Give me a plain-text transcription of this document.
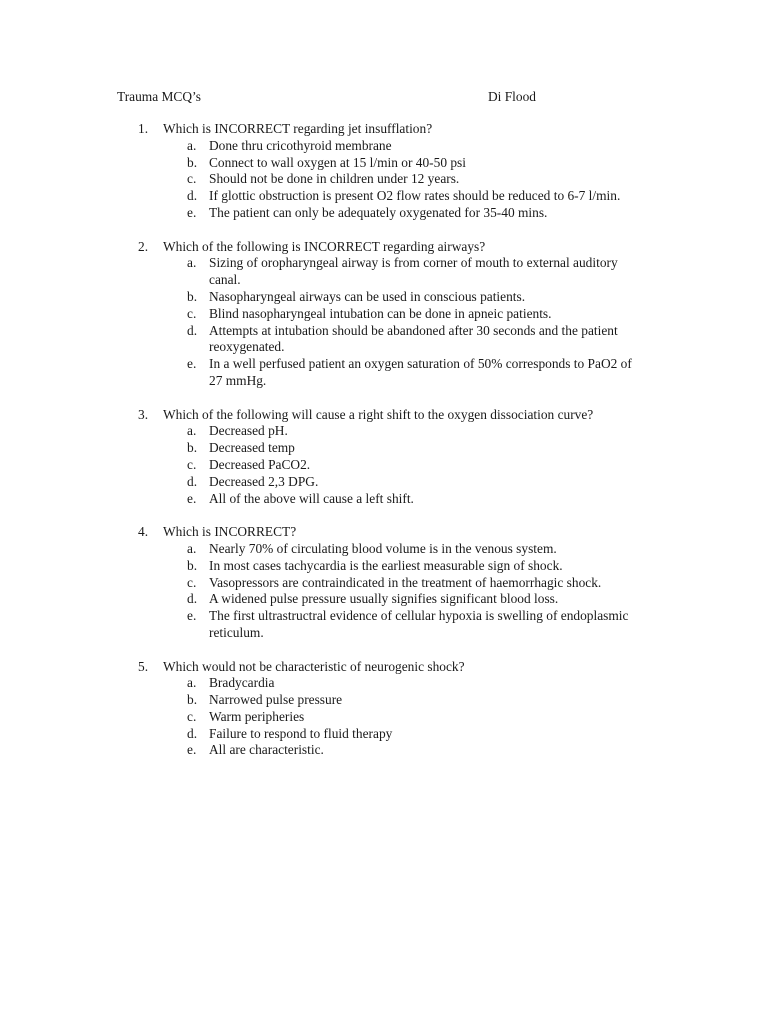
Trauma MCQ’s	Di Flood
1.	Which is INCORRECT regarding jet insufflation?
a. Done thru cricothyroid membrane
b. Connect to wall oxygen at 15 l/min or 40-50 psi
c. Should not be done in children under 12 years.
d. If glottic obstruction is present O2 flow rates should be reduced to 6-7 l/min.
e. The patient can only be adequately oxygenated for 35-40 mins.
2.	Which of the following is INCORRECT regarding airways?
a. Sizing of oropharyngeal airway is from corner of mouth to external auditory canal.
b. Nasopharyngeal airways can be used in conscious patients.
c. Blind nasopharyngeal intubation can be done in apneic patients.
d. Attempts at intubation should be abandoned after 30 seconds and the patient reoxygenated.
e. In a well perfused patient an oxygen saturation of 50% corresponds to PaO2 of 27 mmHg.
3.	Which of the following will cause a right shift to the oxygen dissociation curve?
a. Decreased pH.
b. Decreased temp
c. Decreased PaCO2.
d. Decreased 2,3 DPG.
e. All of the above will cause a left shift.
4.	Which is INCORRECT?
a. Nearly 70% of circulating blood volume is in the venous system.
b. In most cases tachycardia is the earliest measurable sign of shock.
c. Vasopressors are contraindicated in the treatment of haemorrhagic shock.
d. A widened pulse pressure usually signifies significant blood loss.
e. The first ultrastructral evidence of cellular hypoxia is swelling of endoplasmic reticulum.
5.	Which would not be characteristic of neurogenic shock?
a. Bradycardia
b. Narrowed pulse pressure
c. Warm peripheries
d. Failure to respond to fluid therapy
e. All are characteristic.
